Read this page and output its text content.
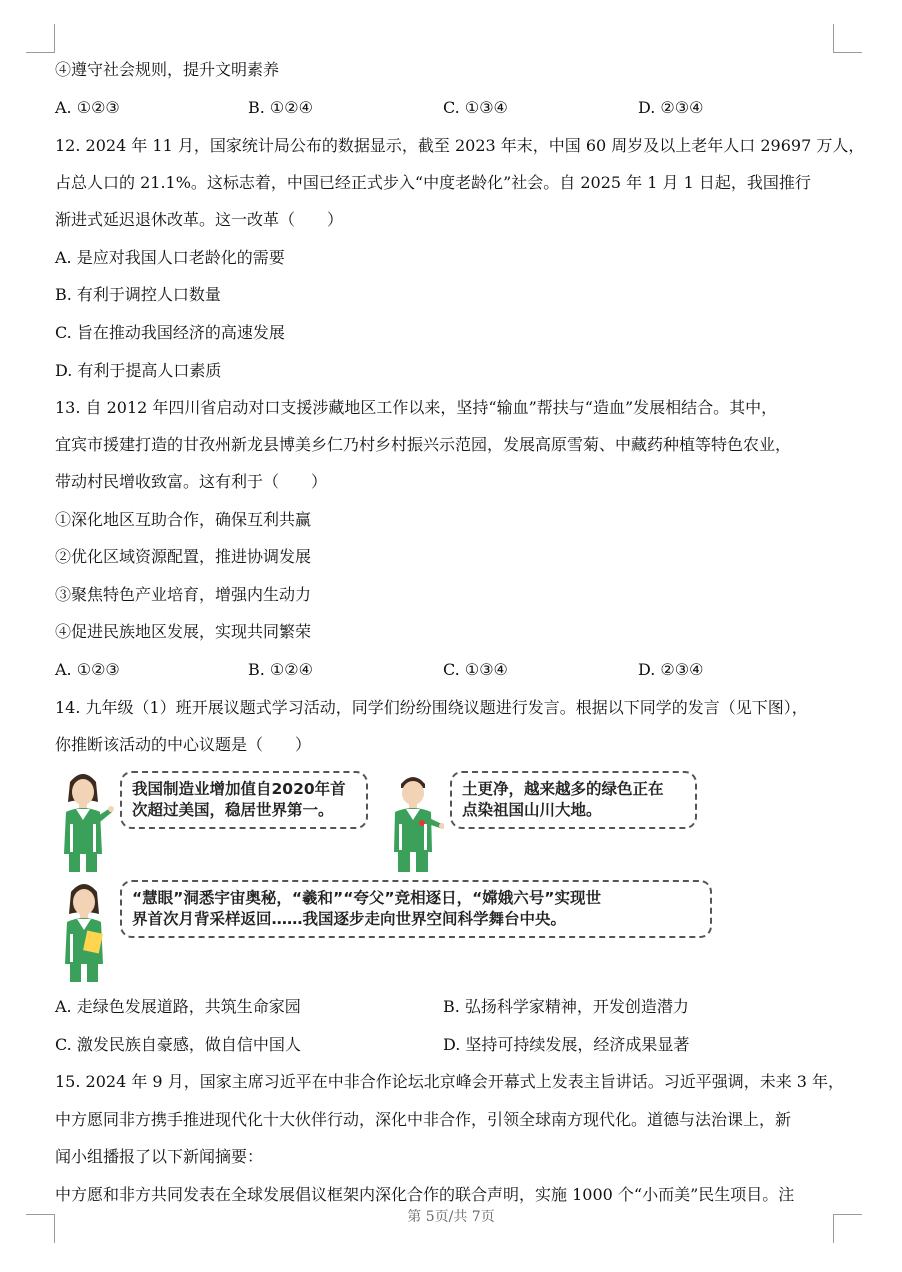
④遵守社会规则，提升文明素养
A. ①②③	B. ①②④	C. ①③④	D. ②③④
12. 2024 年 11 月，国家统计局公布的数据显示，截至 2023 年末，中国 60 周岁及以上老年人口 29697 万人，
占总人口的 21.1%。这标志着，中国已经正式步入“中度老龄化”社会。自 2025 年 1 月 1 日起，我国推行
渐进式延迟退休改革。这一改革（　　）
A. 是应对我国人口老龄化的需要
B. 有利于调控人口数量
C. 旨在推动我国经济的高速发展
D. 有利于提高人口素质
13. 自 2012 年四川省启动对口支援涉藏地区工作以来，坚持“输血”帮扶与“造血”发展相结合。其中，
宜宾市援建打造的甘孜州新龙县博美乡仁乃村乡村振兴示范园，发展高原雪菊、中藏药种植等特色农业，
带动村民增收致富。这有利于（　　）
①深化地区互助合作，确保互利共赢
②优化区域资源配置，推进协调发展
③聚焦特色产业培育，增强内生动力
④促进民族地区发展，实现共同繁荣
A. ①②③	B. ①②④	C. ①③④	D. ②③④
14. 九年级（1）班开展议题式学习活动，同学们纷纷围绕议题进行发言。根据以下同学的发言（见下图），
你推断该活动的中心议题是（　　）
我国制造业增加值自2020年首
次超过美国，稳居世界第一。
土更净，越来越多的绿色正在
点染祖国山川大地。
“慧眼”洞悉宇宙奥秘，“羲和”“夸父”竞相逐日，“嫦娥六号”实现世
界首次月背采样返回……我国逐步走向世界空间科学舞台中央。
A. 走绿色发展道路，共筑生命家园	B. 弘扬科学家精神，开发创造潜力
C. 激发民族自豪感，做自信中国人	D. 坚持可持续发展，经济成果显著
15. 2024 年 9 月，国家主席习近平在中非合作论坛北京峰会开幕式上发表主旨讲话。习近平强调，未来 3 年，
中方愿同非方携手推进现代化十大伙伴行动，深化中非合作，引领全球南方现代化。道德与法治课上，新
闻小组播报了以下新闻摘要：
中方愿和非方共同发表在全球发展倡议框架内深化合作的联合声明，实施 1000 个“小而美”民生项目。注
第 5页/共 7页
